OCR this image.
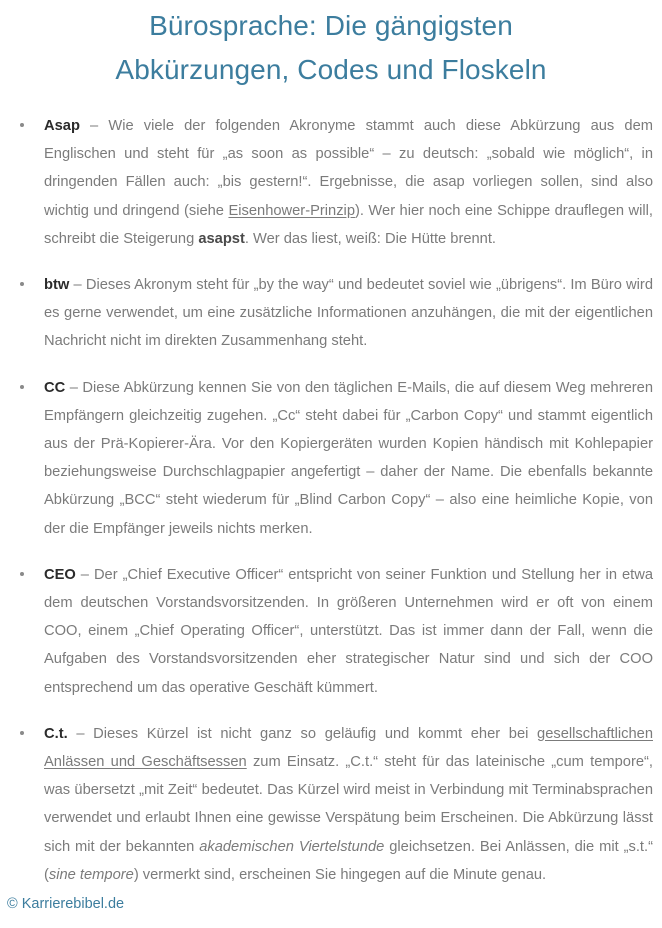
Bürosprache: Die gängigsten
Abkürzungen, Codes und Floskeln
Asap – Wie viele der folgenden Akronyme stammt auch diese Abkürzung aus dem Englischen und steht für „as soon as possible“ – zu deutsch: „sobald wie möglich“, in dringenden Fällen auch: „bis gestern!“. Ergebnisse, die asap vorliegen sollen, sind also wichtig und dringend (siehe Eisenhower-Prinzip). Wer hier noch eine Schippe drauflegen will, schreibt die Steigerung asapst. Wer das liest, weiß: Die Hütte brennt.
btw – Dieses Akronym steht für „by the way“ und bedeutet soviel wie „übrigens“. Im Büro wird es gerne verwendet, um eine zusätzliche Informationen anzuhängen, die mit der eigentlichen Nachricht nicht im direkten Zusammenhang steht.
CC – Diese Abkürzung kennen Sie von den täglichen E-Mails, die auf diesem Weg mehreren Empfängern gleichzeitig zugehen. „Cc“ steht dabei für „Carbon Copy“ und stammt eigentlich aus der Prä-Kopierer-Ära. Vor den Kopiergeräten wurden Kopien händisch mit Kohlepapier beziehungsweise Durchschlagpapier angefertigt – daher der Name. Die ebenfalls bekannte Abkürzung „BCC“ steht wiederum für „Blind Carbon Copy“ – also eine heimliche Kopie, von der die Empfänger jeweils nichts merken.
CEO – Der „Chief Executive Officer“ entspricht von seiner Funktion und Stellung her in etwa dem deutschen Vorstandsvorsitzenden. In größeren Unternehmen wird er oft von einem COO, einem „Chief Operating Officer“, unterstützt. Das ist immer dann der Fall, wenn die Aufgaben des Vorstandsvorsitzenden eher strategischer Natur sind und sich der COO entsprechend um das operative Geschäft kümmert.
C.t. – Dieses Kürzel ist nicht ganz so geläufig und kommt eher bei gesellschaftlichen Anlässen und Geschäftsessen zum Einsatz. „C.t.“ steht für das lateinische „cum tempore“, was übersetzt „mit Zeit“ bedeutet. Das Kürzel wird meist in Verbindung mit Terminabsprachen verwendet und erlaubt Ihnen eine gewisse Verspätung beim Erscheinen. Die Abkürzung lässt sich mit der bekannten akademischen Viertelstunde gleichsetzen. Bei Anlässen, die mit „s.t.“ (sine tempore) vermerkt sind, erscheinen Sie hingegen auf die Minute genau.
© Karrierebibel.de
